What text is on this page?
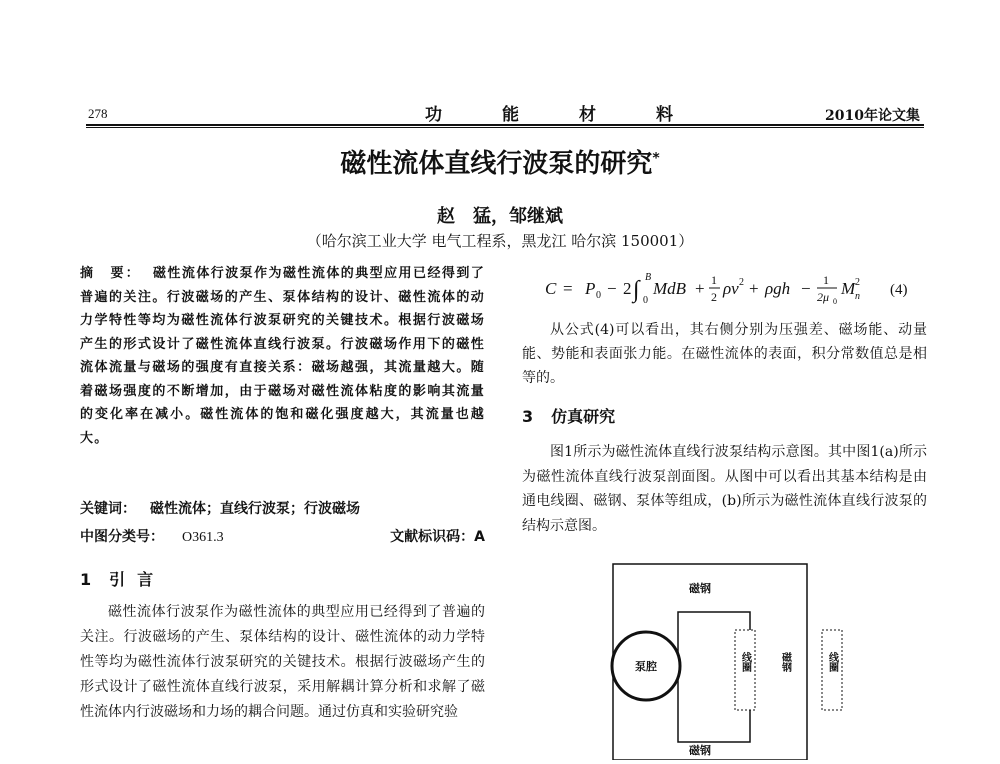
278	功能材料	2010年论文集
磁性流体直线行波泵的研究*
赵　猛，邹继斌
（哈尔滨工业大学 电气工程系，黑龙江 哈尔滨 150001）
摘　要： 磁性流体行波泵作为磁性流体的典型应用已经得到了普遍的关注。行波磁场的产生、泵体结构的设计、磁性流体的动力学特性等均为磁性流体行波泵研究的关键技术。根据行波磁场产生的形式设计了磁性流体直线行波泵。行波磁场作用下的磁性流体流量与磁场的强度有直接关系：磁场越强，其流量越大。随着磁场强度的不断增加，由于磁场对磁性流体粘度的影响其流量的变化率在减小。磁性流体的饱和磁化强度越大，其流量也越大。
关键词： 磁性流体；直线行波泵；行波磁场
中图分类号： O361.3	文献标识码：A
1 引言

磁性流体行波泵作为磁性流体的典型应用已经得到了普遍的关注。行波磁场的产生、泵体结构的设计、磁性流体的动力学特性等均为磁性流体行波泵研究的关键技术。根据行波磁场产生的形式设计了磁性流体直线行波泵，采用解耦计算分析和求解了磁性流体内行波磁场和力场的耦合问题。通过仿真和实验研究验

C = P 0 − 2 ∫ B
0
MdB + 1
2 ρv 2 + ρgh − 1
2μ 0
M 2
n (4)

从公式(4)可以看出，其右侧分别为压强差、磁场能、动量能、势能和表面张力能。在磁性流体的表面，积分常数值总是相等的。

3 仿真研究

图1所示为磁性流体直线行波泵结构示意图。其中图1(a)所示为磁性流体直线行波泵剖面图。从图中可以看出其基本结构是由通电线圈、磁钢、泵体等组成，(b)所示为磁性流体直线行波泵的结构示意图。

磁钢
泵腔	线圈	磁钢	线圈
磁钢
